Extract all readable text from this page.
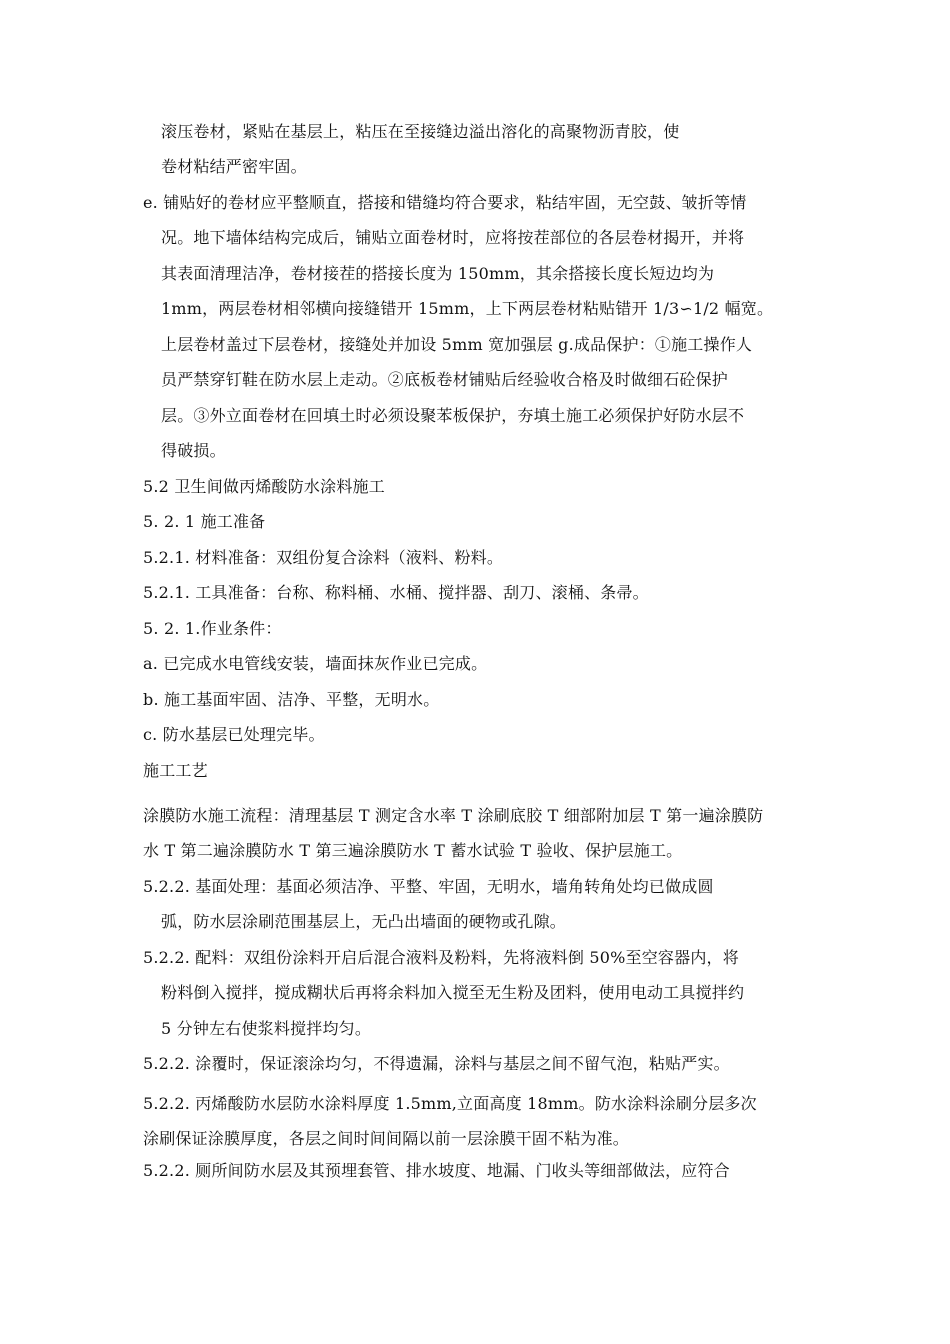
滚压卷材，紧贴在基层上，粘压在至接缝边溢出溶化的高聚物沥青胶，使
卷材粘结严密牢固。
e. 铺贴好的卷材应平整顺直，搭接和错缝均符合要求，粘结牢固，无空鼓、皱折等情
况。地下墙体结构完成后，铺贴立面卷材时，应将按茬部位的各层卷材揭开，并将
其表面清理洁净，卷材接茬的搭接长度为 150mm，其余搭接长度长短边均为
1mm，两层卷材相邻横向接缝错开 15mm，上下两层卷材粘贴错开 1/3∽1/2 幅宽。
上层卷材盖过下层卷材，接缝处并加设 5mm 宽加强层 g.成品保护：①施工操作人
员严禁穿钉鞋在防水层上走动。②底板卷材铺贴后经验收合格及时做细石砼保护
层。③外立面卷材在回填土时必须设聚苯板保护，夯填土施工必须保护好防水层不
得破损。
5.2 卫生间做丙烯酸防水涂料施工
5. 2. 1 施工准备
5.2.1. 材料准备：双组份复合涂料（液料、粉料。
5.2.1. 工具准备：台称、称料桶、水桶、搅拌器、刮刀、滚桶、条帚。
5. 2. 1.作业条件：
a. 已完成水电管线安装，墙面抹灰作业已完成。
b. 施工基面牢固、洁净、平整，无明水。
c. 防水基层已处理完毕。
施工工艺
涂膜防水施工流程：清理基层 T 测定含水率 T 涂刷底胶 T 细部附加层 T 第一遍涂膜防
水 T 第二遍涂膜防水 T 第三遍涂膜防水 T 蓄水试验 T 验收、保护层施工。
5.2.2. 基面处理：基面必须洁净、平整、牢固，无明水，墙角转角处均已做成圆
弧，防水层涂刷范围基层上，无凸出墙面的硬物或孔隙。
5.2.2. 配料：双组份涂料开启后混合液料及粉料，先将液料倒 50%至空容器内，将
粉料倒入搅拌，搅成糊状后再将余料加入搅至无生粉及团料，使用电动工具搅拌约
5 分钟左右使浆料搅拌均匀。
5.2.2. 涂覆时，保证滚涂均匀，不得遗漏，涂料与基层之间不留气泡，粘贴严实。
5.2.2. 丙烯酸防水层防水涂料厚度 1.5mm,立面高度 18mm。防水涂料涂刷分层多次
涂刷保证涂膜厚度，各层之间时间间隔以前一层涂膜干固不粘为准。
5.2.2. 厕所间防水层及其预埋套管、排水坡度、地漏、门收头等细部做法，应符合
